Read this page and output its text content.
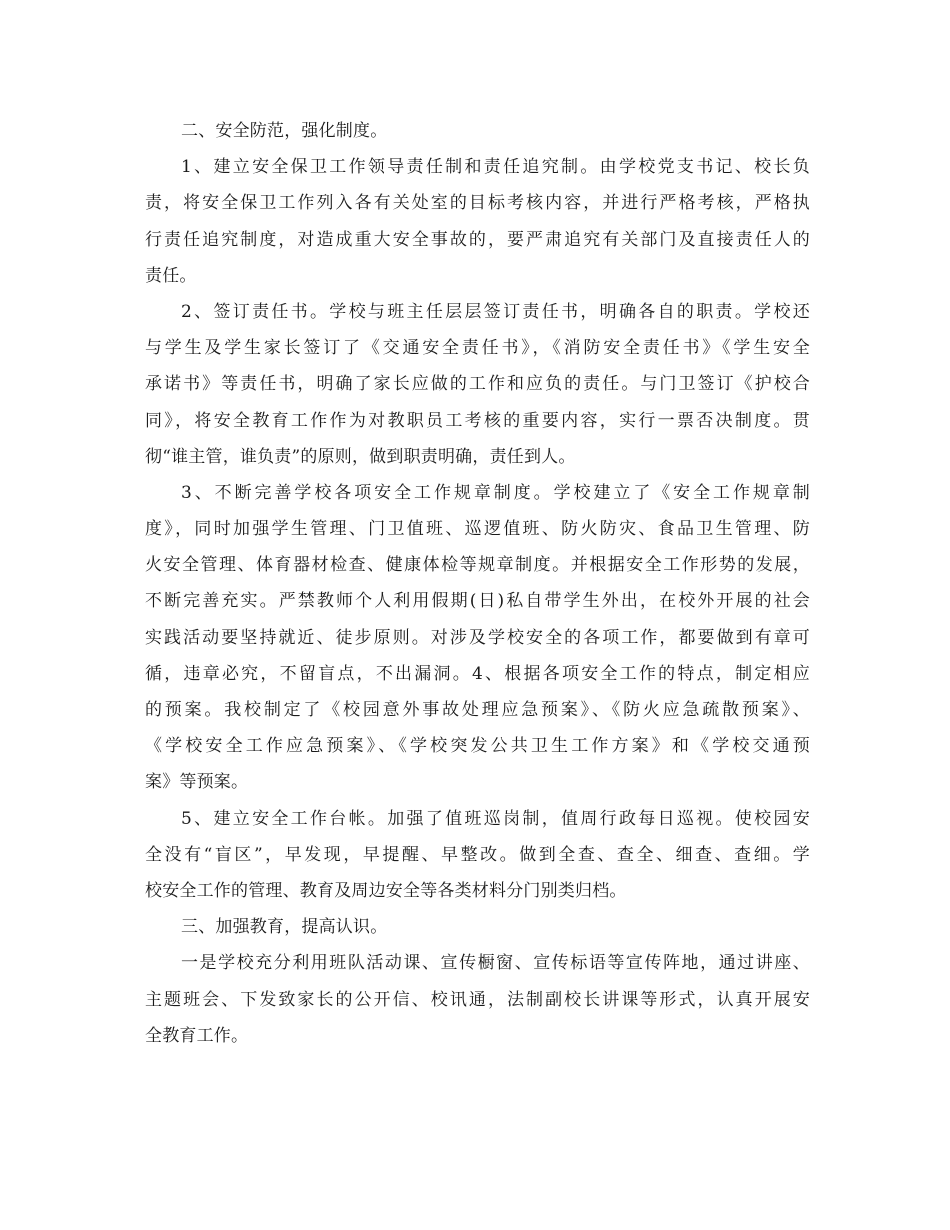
二、安全防范，强化制度。
1、建立安全保卫工作领导责任制和责任追究制。由学校党支书记、校长负
责，将安全保卫工作列入各有关处室的目标考核内容，并进行严格考核，严格执
行责任追究制度，对造成重大安全事故的，要严肃追究有关部门及直接责任人的
责任。
2、签订责任书。学校与班主任层层签订责任书，明确各自的职责。学校还
与学生及学生家长签订了《交通安全责任书》，《消防安全责任书》《学生安全
承诺书》等责任书，明确了家长应做的工作和应负的责任。与门卫签订《护校合
同》，将安全教育工作作为对教职员工考核的重要内容，实行一票否决制度。贯
彻“谁主管，谁负责”的原则，做到职责明确，责任到人。
3、不断完善学校各项安全工作规章制度。学校建立了《安全工作规章制
度》，同时加强学生管理、门卫值班、巡逻值班、防火防灾、食品卫生管理、防
火安全管理、体育器材检查、健康体检等规章制度。并根据安全工作形势的发展，
不断完善充实。严禁教师个人利用假期(日)私自带学生外出，在校外开展的社会
实践活动要坚持就近、徒步原则。对涉及学校安全的各项工作，都要做到有章可
循，违章必究，不留盲点，不出漏洞。4、根据各项安全工作的特点，制定相应
的预案。我校制定了《校园意外事故处理应急预案》、《防火应急疏散预案》、
《学校安全工作应急预案》、《学校突发公共卫生工作方案》和《学校交通预
案》等预案。
5、建立安全工作台帐。加强了值班巡岗制，值周行政每日巡视。使校园安
全没有“盲区”，早发现，早提醒、早整改。做到全查、查全、细查、查细。学
校安全工作的管理、教育及周边安全等各类材料分门别类归档。
三、加强教育，提高认识。
一是学校充分利用班队活动课、宣传橱窗、宣传标语等宣传阵地，通过讲座、
主题班会、下发致家长的公开信、校讯通，法制副校长讲课等形式，认真开展安
全教育工作。
